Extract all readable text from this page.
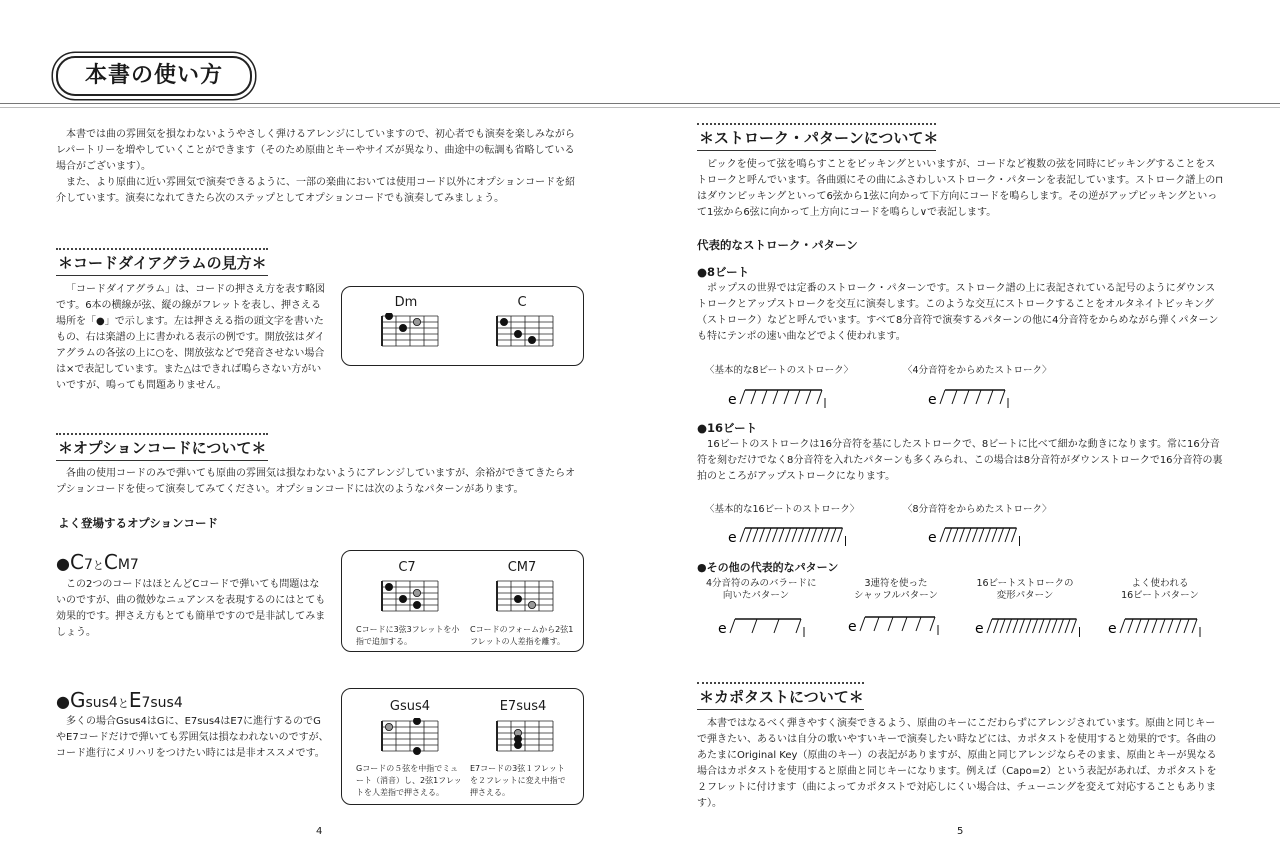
本書の使い方

本書では曲の雰囲気を損なわないようやさしく弾けるアレンジにしていますので、初心者でも演奏を楽しみながらレパートリーを増やしていくことができます（そのため原曲とキーやサイズが異なり、曲途中の転調も省略している場合がございます）。

また、より原曲に近い雰囲気で演奏できるように、一部の楽曲においては使用コード以外にオプションコードを紹介しています。演奏になれてきたら次のステップとしてオプションコードでも演奏してみましょう。

＊コードダイアグラムの見方＊

「コードダイアグラム」は、コードの押さえ方を表す略図です。6本の横線が弦、縦の線がフレットを表し、押さえる場所を「●」で示します。左は押さえる指の頭文字を書いたもの、右は楽譜の上に書かれる表示の例です。開放弦はダイアグラムの各弦の上に○を、開放弦などで発音させない場合は×で表記しています。また△はできれば鳴らさない方がいいですが、鳴っても問題ありません。

Dm	C
＊オプションコードについて＊

各曲の使用コードのみで弾いても原曲の雰囲気は損なわないようにアレンジしていますが、余裕ができてきたらオプションコードを使って演奏してみてください。オプションコードには次のようなパターンがあります。

よく登場するオプションコード
●C7とCM7

この2つのコードはほとんどCコードで弾いても問題はないのですが、曲の微妙なニュアンスを表現するのにはとても効果的です。押さえ方もとても簡単ですので是非試してみましょう。

C7	CM7
Cコードに3弦3フレットを小指で追加する。
Cコードのフォームから2弦1フレットの人差指を離す。
●Gsus4とE7sus4

多くの場合Gsus4はGに、E7sus4はE7に進行するのでGやE7コードだけで弾いても雰囲気は損なわれないのですが、コード進行にメリハリをつけたい時には是非オススメです。

Gsus4	E7sus4
Gコードの５弦を中指でミュート（消音）し、2弦1フレットを人差指で押さえる。
E7コードの3弦１フレットを２フレットに変え中指で押さえる。
4
＊ストローク・パターンについて＊

ピックを使って弦を鳴らすことをピッキングといいますが、コードなど複数の弦を同時にピッキングすることをストロークと呼んでいます。各曲頭にその曲にふさわしいストローク・パターンを表記しています。ストローク譜上の⊓はダウンピッキングといって6弦から1弦に向かって下方向にコードを鳴らします。その逆がアップピッキングといって1弦から6弦に向かって上方向にコードを鳴らし∨で表記します。

代表的なストローク・パターン
●8ビート

ポップスの世界では定番のストローク・パターンです。ストローク譜の上に表記されている記号のようにダウンストロークとアップストロークを交互に演奏します。このような交互にストロークすることをオルタネイトピッキング（ストローク）などと呼んでいます。すべて8分音符で演奏するパターンの他に4分音符をからめながら弾くパターンも特にテンポの速い曲などでよく使われます。

〈基本的な8ビートのストローク〉	〈4分音符をからめたストローク〉
e	e
●16ビート

16ビートのストロークは16分音符を基にしたストロークで、8ビートに比べて細かな動きになります。常に16分音符を刻むだけでなく8分音符を入れたパターンも多くみられ、この場合は8分音符がダウンストロークで16分音符の裏拍のところがアップストロークになります。

〈基本的な16ビートのストローク〉	〈8分音符をからめたストローク〉
e	e
●その他の代表的なパターン
4分音符のみのバラードに
向いたパターン
3連符を使った
シャッフルパターン
16ビートストロークの
変形パターン
よく使われる
16ビートパターン
e	e	e	e
＊カポタストについて＊

本書ではなるべく弾きやすく演奏できるよう、原曲のキーにこだわらずにアレンジされています。原曲と同じキーで弾きたい、あるいは自分の歌いやすいキーで演奏したい時などには、カポタストを使用すると効果的です。各曲のあたまにOriginal Key（原曲のキー）の表記がありますが、原曲と同じアレンジならそのまま、原曲とキーが異なる場合はカポタストを使用すると原曲と同じキーになります。例えば（Capo=2）という表記があれば、カポタストを２フレットに付けます（曲によってカポタストで対応しにくい場合は、チューニングを変えて対応することもあります）。

5
